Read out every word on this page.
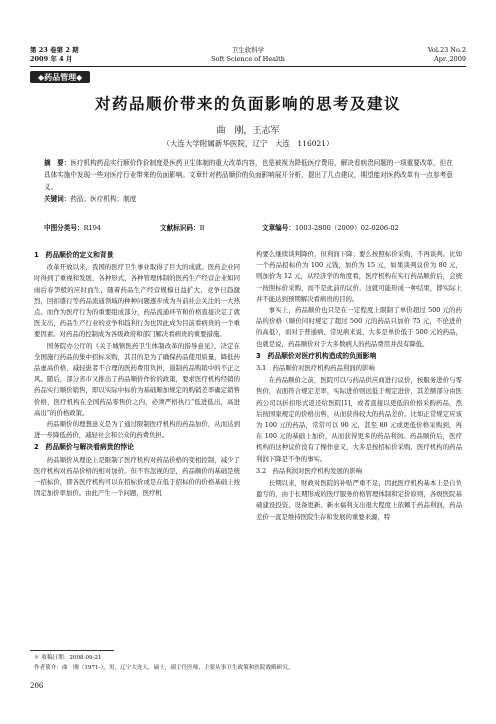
第 23 卷第 2 期
2009 年 4 月
卫生软科学
Soft Science of Health
Vol.23 No.2
Apr.,2009
◆药品管理◆
对药品顺价带来的负面影响的思考及建议
曲　刚，王志军
（大连大学附属新华医院，辽宁　大连　116021）
摘　要：医疗机构药品实行顺价作价制度是医药卫生体制的重大改革内容，也是被视为降低医疗费用，解决看病贵问题的一项重要改革，但在具体实施中发现一些对医疗行业带来的负面影响。文章针对药品顺价的负面影响展开分析，提出了几点建议，期望能对医药改革有一点参考意义。
关键词：药品；医疗机构；制度
中图分类号：R194	文献标识码：B	文章编号：1003-2800（2009）02-0206-02
1　药品顺价的定义和背景

改革开放以来，我国的医疗卫生事业取得了巨大的成就。医药企业同时得到了重视和发展，各种形式、各种管理体制的医药生产经营企业如同雨后春笋般的应时而生，随着药品生产经营规模日益扩大，竞争日趋激烈，回扣盛行等药品流通领域的种种问题逐步成为当前社会关注的一大热点。而作为医疗行为的重要组成部分，药品流通环节和价格直接决定了就医支出，药品生产行业的竞争和趋利行为也因此成为目前看病贵的一个重要因素。对药品的控制成为各级政府和部门解决看病贵的重要措施。

国务院办公厅的《关于城镇医药卫生体制改革的指导意见》，决定在全国施行药品的集中招标采购，其目的是为了确保药品使用质量，降低药品虚高价格，减轻患者不合理的医药费用负担，遏制药品购销中的不正之风。随后，部分省市又推出了药品顺价作价的政策，要求医疗机构经销的药品实行顺价销售，即以实际中标价为基础顺加规定的购销差率确定销售价格，医疗机构在全国药品零售价之内，必须严格执行“低进低出，高进高出”的价格政策。

药品顺价的理想意义是为了通过限制医疗机构的药品加价，从而达到进一步降低药价，减轻社会和公众的药费负担。

2　药品顺价与解决看病贵的悖论

药品顺价从理论上是限制了医疗机构对药品价格的变相控制，减少了医疗机构对药品价格的相对加价。但不容忽视的是，药品顺价的基础是统一招标价，即各医疗机构可以在招标价或是在低于招标价的价格基础上按固定加价率加价。由此产生一个问题，医疗机

构要么继续谈判降价，但利润下降；要么按照标价采购，不再谈判。比如一个药品招标价为 100 元钱，加价为 15 元，如果谈判议价为 80 元，则加价为 12 元，从经济学的角度看，医疗机构在实行药品顺价后，会统一按照标价采购，而不是此前的议价，这就可能形成一种结果，即实际上并不能达到预期解决看病贵的目的。

事实上，药品顺价也只是在一定程度上限制了单价超过 500 元的药品的价格（顺价同时规定了超过 500 元的药品只加价 75 元，不论进价的高低），而对于普通病、常见病来说，大多是单价低于 500 元的药品，也就是说，药品顺价对于大多数病人的药品费用并没有降低。

3　药品顺价对医疗机构造成的负面影响
3.1　药品顺价对医疗机构药品利润的影响

在药品顺价之前，医院可以与药品供应商进行议价，按服务进价与零售价，表面符合规定差率，实际进价则远低于规定进价，其差额部分由医药公司以折扣形式返还给医院[1]，或者直接以更低的价格采购药品，然后按国家规定的价格出售，从而获得较大的药品差价。比如正常规定应该为 100 元的药品，常常可以 90 元，甚至 80 元或更低价格采购到，再在 100 元的基础上加价，从而获得更多的药品利润。药品顺价后，医疗机构的这种议价没有了操作意义，大多是按招标价采购，医疗机构的药品利润下降是不争的事实。

3.2　药品利润对医疗机构发展的影响

长期以来，财政对医院的补贴严重不足，因此医疗机构基本上是自负盈亏的，由于长期形成的医疗服务价格管理体制和定价原则，各级医院基础建设投资、设备更新、新水福利支出很大程度上依赖于药品利润，药品差价一直是维持医院生存和发展的重要来源，特

＊ 收稿日期：2008-09-21
作者简介：曲　刚（1971-），男，辽宁大连人，硕士，副主任医师，主要从事卫生政策和医院战略研究。
206
